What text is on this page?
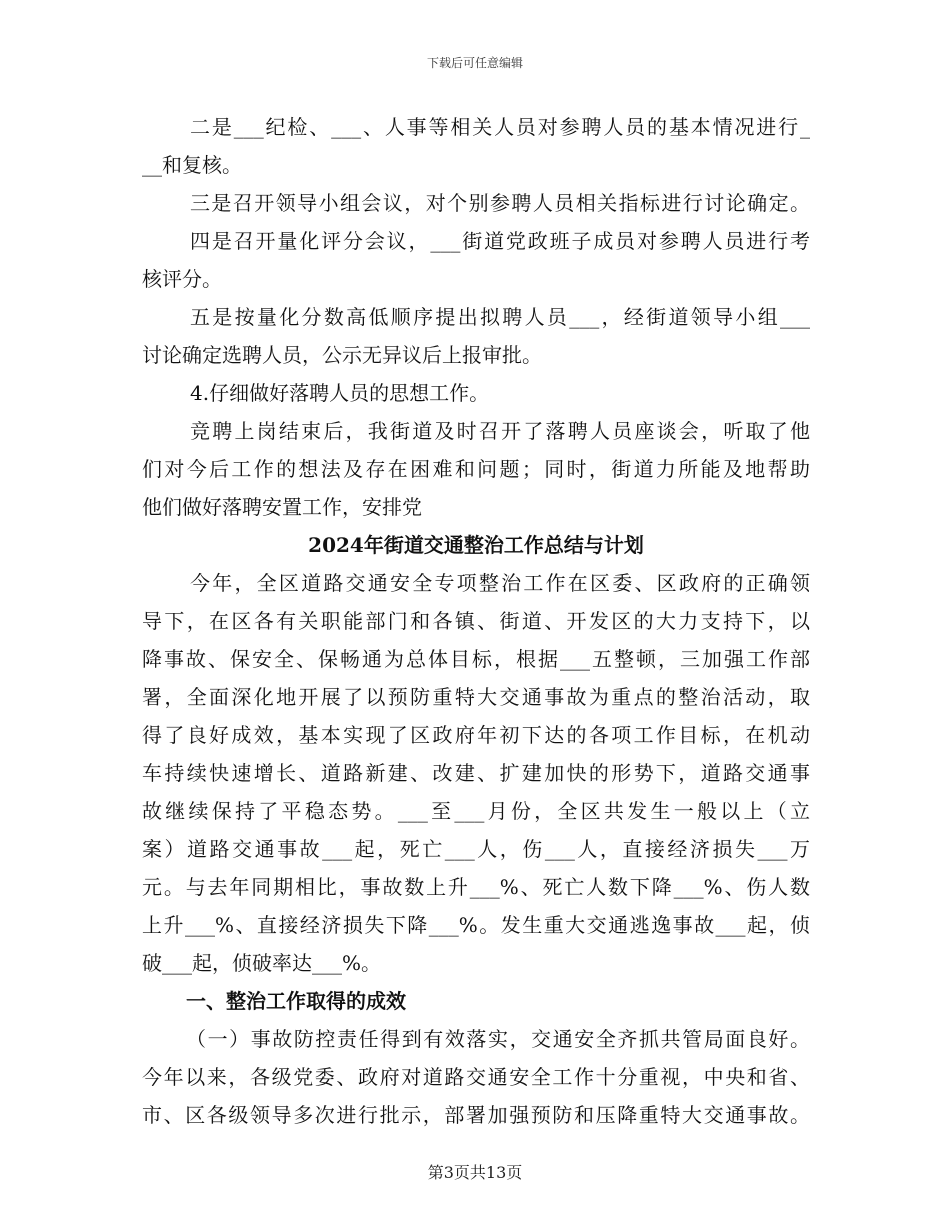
下载后可任意编辑
二是___纪检、___、人事等相关人员对参聘人员的基本情况进行_
__和复核。
三是召开领导小组会议，对个别参聘人员相关指标进行讨论确定。
四是召开量化评分会议，___街道党政班子成员对参聘人员进行考
核评分。
五是按量化分数高低顺序提出拟聘人员___，经街道领导小组___
讨论确定选聘人员，公示无异议后上报审批。
4.仔细做好落聘人员的思想工作。
竞聘上岗结束后，我街道及时召开了落聘人员座谈会，听取了他
们对今后工作的想法及存在困难和问题；同时，街道力所能及地帮助
他们做好落聘安置工作，安排党
2024年街道交通整治工作总结与计划
今年，全区道路交通安全专项整治工作在区委、区政府的正确领
导下，在区各有关职能部门和各镇、街道、开发区的大力支持下，以
降事故、保安全、保畅通为总体目标，根据___五整顿，三加强工作部
署，全面深化地开展了以预防重特大交通事故为重点的整治活动，取
得了良好成效，基本实现了区政府年初下达的各项工作目标，在机动
车持续快速增长、道路新建、改建、扩建加快的形势下，道路交通事
故继续保持了平稳态势。___至___月份，全区共发生一般以上（立
案）道路交通事故___起，死亡___人，伤___人，直接经济损失___万
元。与去年同期相比，事故数上升___%、死亡人数下降___%、伤人数
上升___%、直接经济损失下降___%。发生重大交通逃逸事故___起，侦
破___起，侦破率达___%。
一、整治工作取得的成效
（一）事故防控责任得到有效落实，交通安全齐抓共管局面良好。
今年以来，各级党委、政府对道路交通安全工作十分重视，中央和省、
市、区各级领导多次进行批示，部署加强预防和压降重特大交通事故。
第3页共13页
